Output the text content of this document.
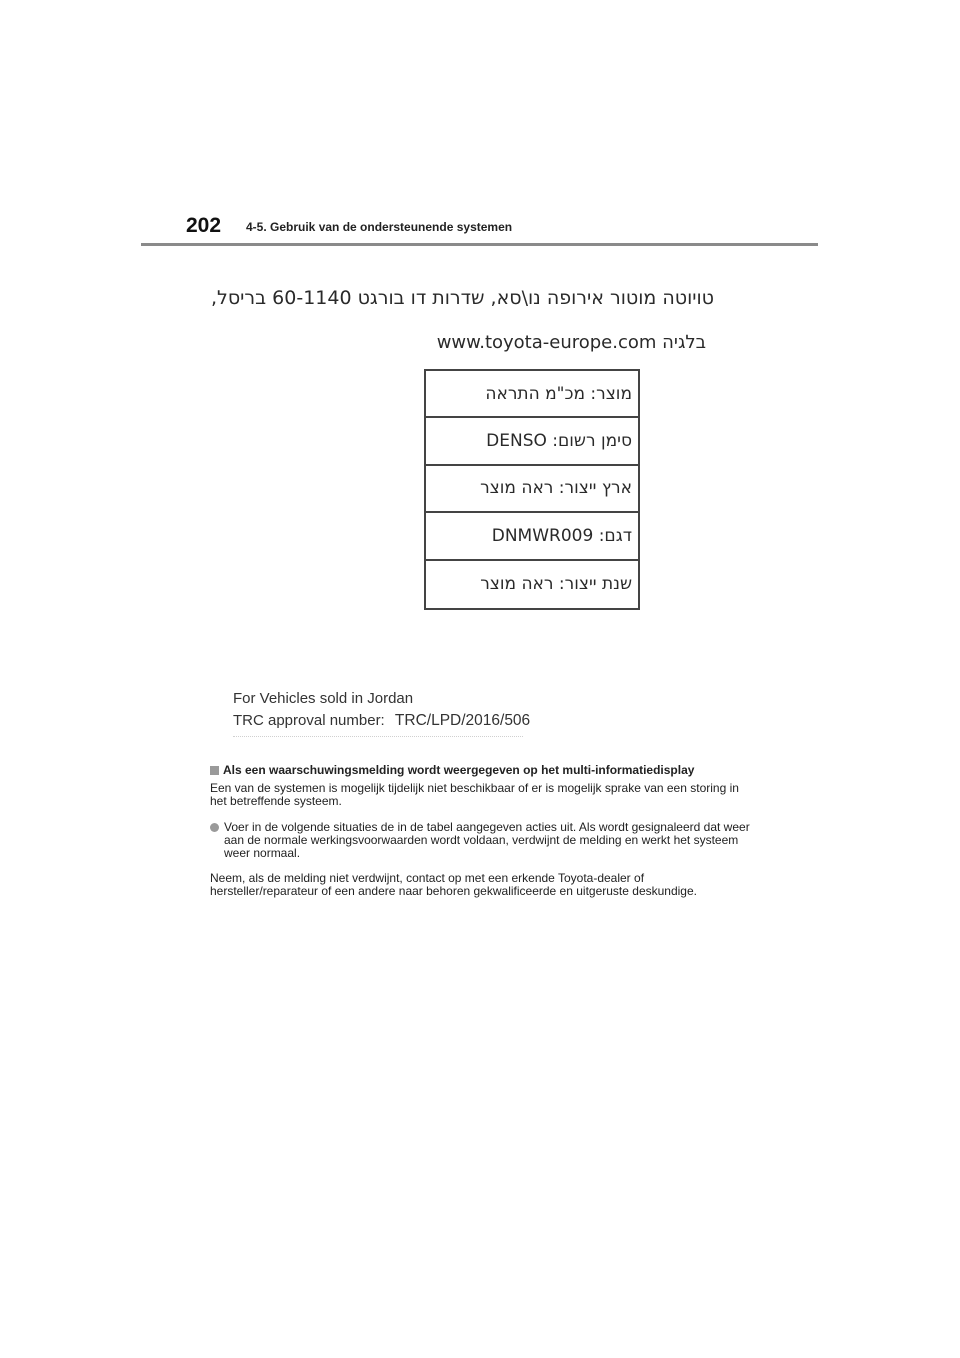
202 4-5. Gebruik van de ondersteunende systemen
טויוטה מוטור אירופה נו\סא, שדרות דו בורגט 60-1140 בריסל,
www.toyota-europe.com בלגיה
מוצר: מכ"מ התראה
סימן רשום: DENSO
ארץ ייצור: ראה מוצר
דגם: DNMWR009
שנת ייצור: ראה מוצר
For Vehicles sold in Jordan
TRC approval number: TRC/LPD/2016/506
Als een waarschuwingsmelding wordt weergegeven op het multi-informatiedisplay

Een van de systemen is mogelijk tijdelijk niet beschikbaar of er is mogelijk sprake van een storing in het betreffende systeem.

Voer in de volgende situaties de in de tabel aangegeven acties uit. Als wordt gesignaleerd dat weer aan de normale werkingsvoorwaarden wordt voldaan, verdwijnt de melding en werkt het systeem weer normaal.

Neem, als de melding niet verdwijnt, contact op met een erkende Toyota-dealer of hersteller/reparateur of een andere naar behoren gekwalificeerde en uitgeruste deskundige.
